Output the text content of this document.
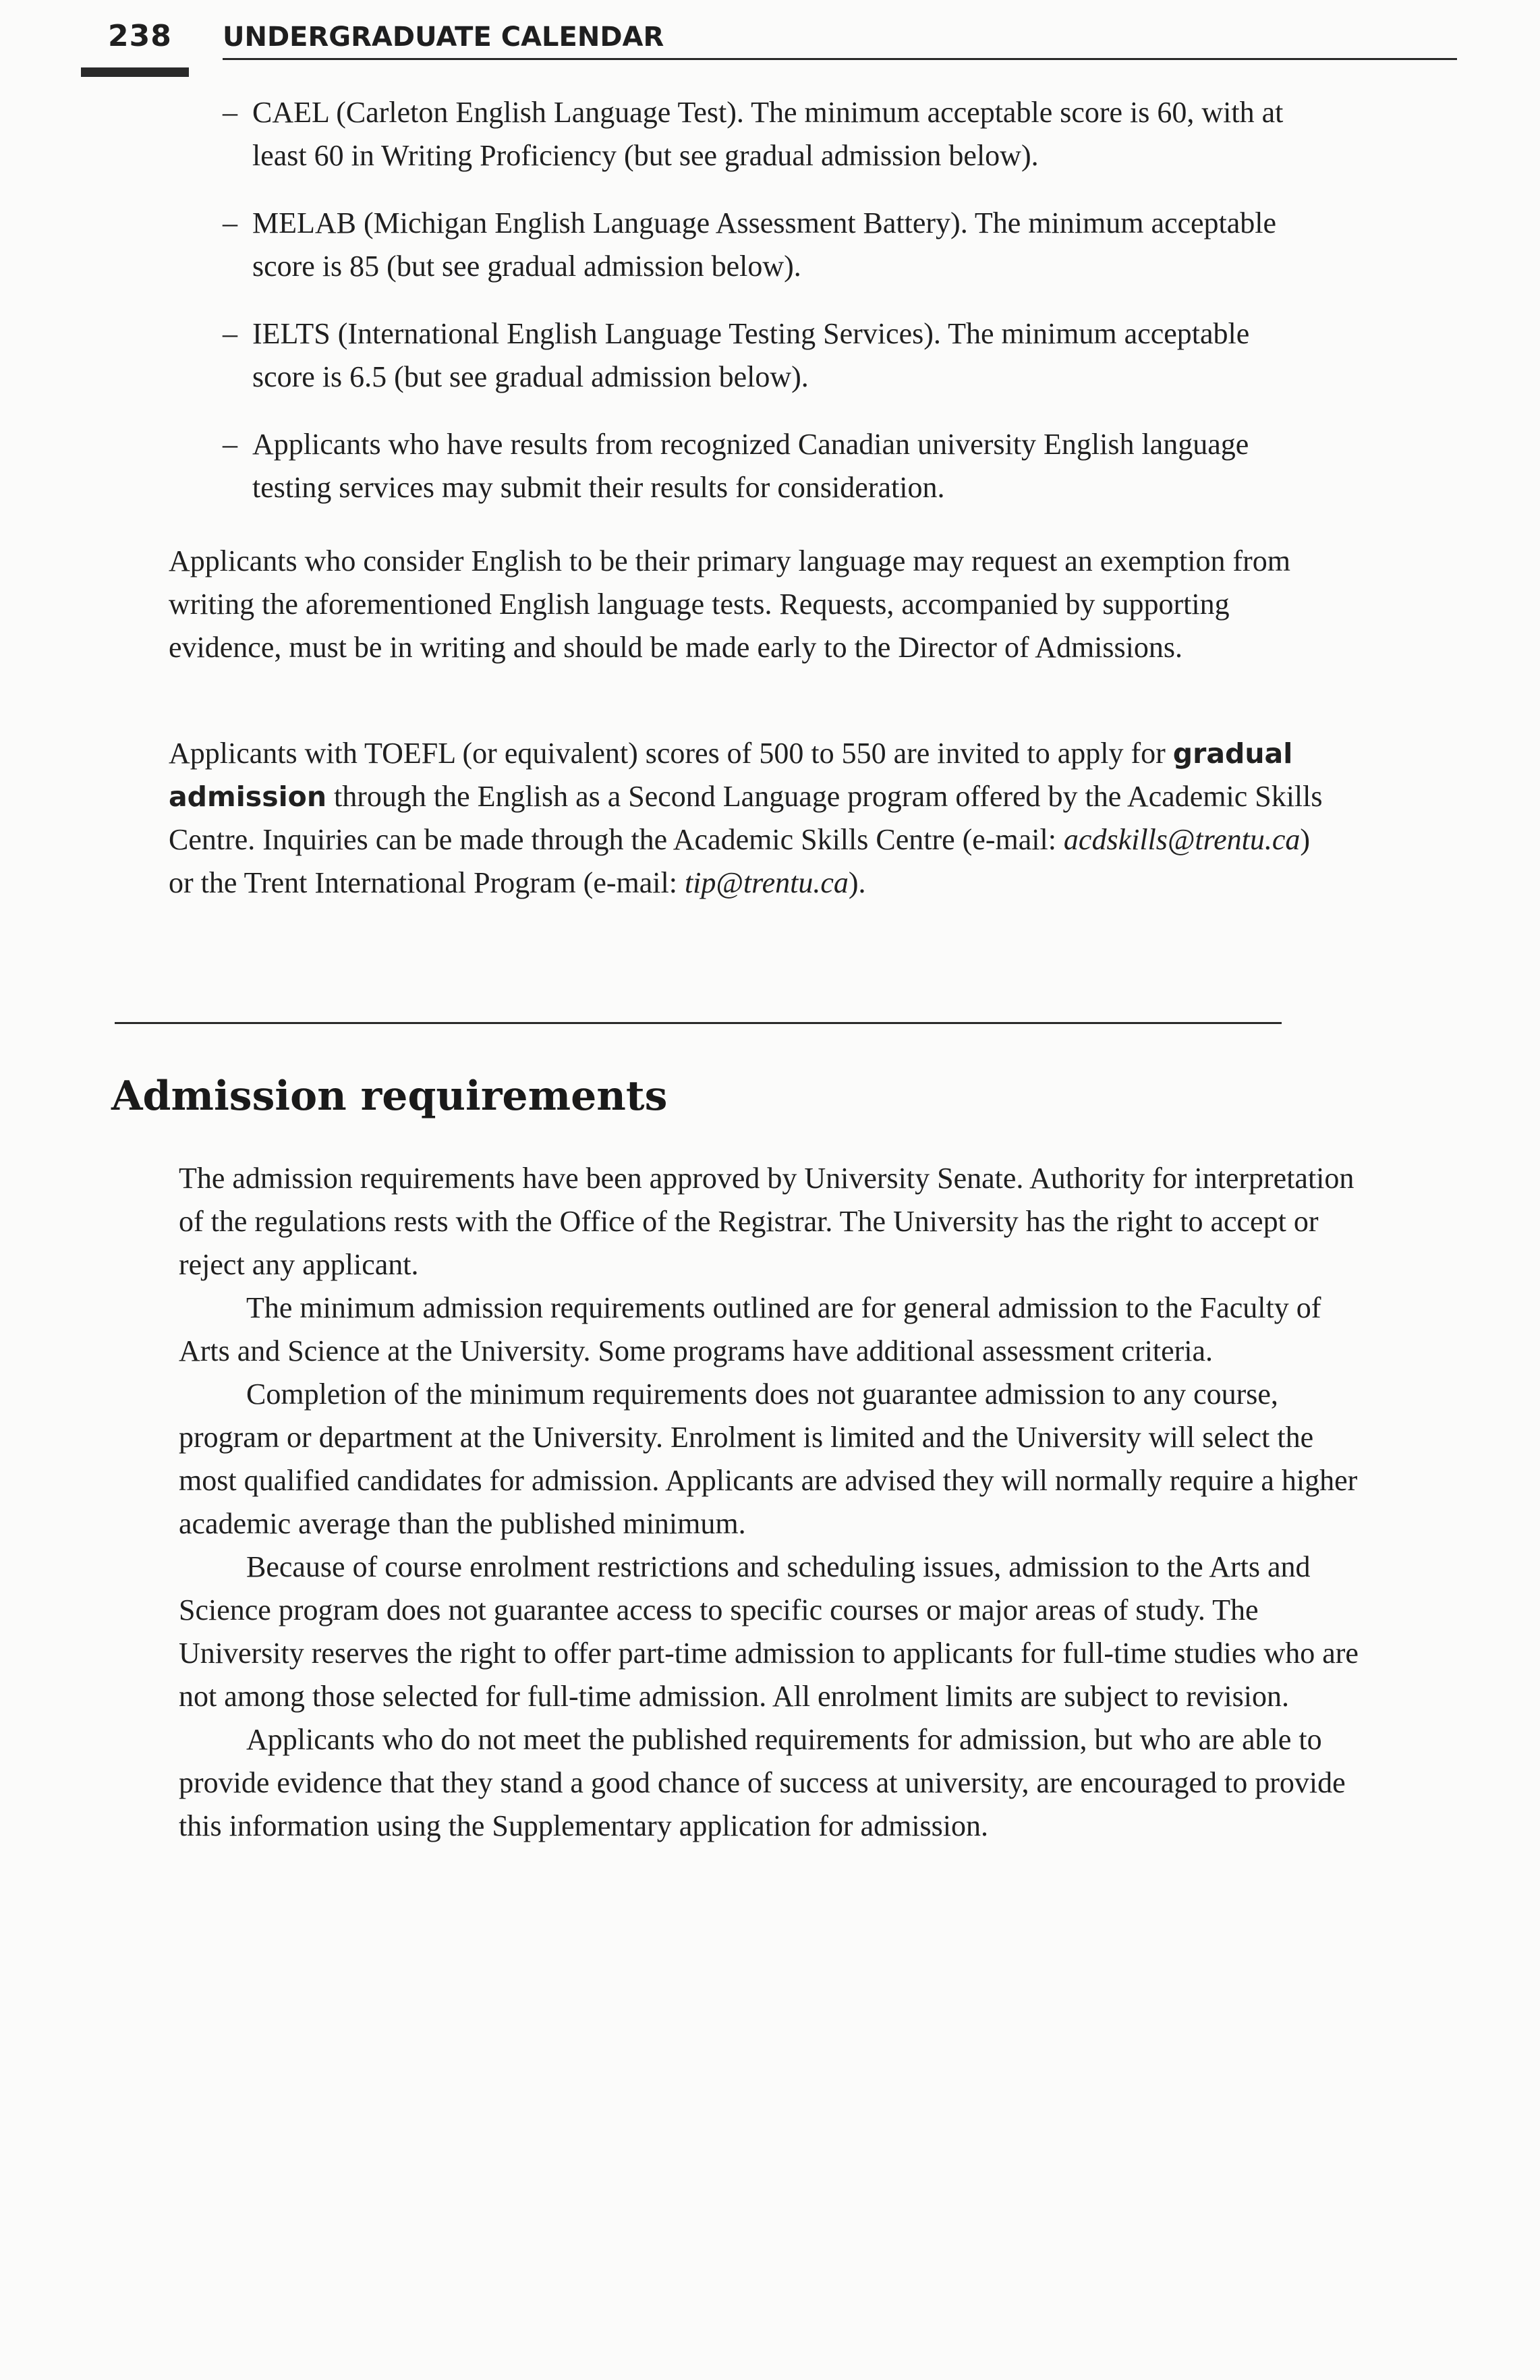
238 UNDERGRADUATE CALENDAR
– CAEL (Carleton English Language Test). The minimum acceptable score is 60, with at least 60 in Writing Proficiency (but see gradual admission below).
– MELAB (Michigan English Language Assessment Battery). The minimum acceptable score is 85 (but see gradual admission below).
– IELTS (International English Language Testing Services). The minimum acceptable score is 6.5 (but see gradual admission below).
– Applicants who have results from recognized Canadian university English language testing services may submit their results for consideration.
Applicants who consider English to be their primary language may request an exemption from writing the aforementioned English language tests. Requests, accompanied by supporting evidence, must be in writing and should be made early to the Director of Admissions.
Applicants with TOEFL (or equivalent) scores of 500 to 550 are invited to apply for gradual admission through the English as a Second Language program offered by the Academic Skills Centre. Inquiries can be made through the Academic Skills Centre (e-mail: acdskills@trentu.ca) or the Trent International Program (e-mail: tip@trentu.ca).
Admission requirements

The admission requirements have been approved by University Senate. Authority for interpretation of the regulations rests with the Office of the Registrar. The University has the right to accept or reject any applicant.

The minimum admission requirements outlined are for general admission to the Faculty of Arts and Science at the University. Some programs have additional assessment criteria.

Completion of the minimum requirements does not guarantee admission to any course, program or department at the University. Enrolment is limited and the University will select the most qualified candidates for admission. Applicants are advised they will normally require a higher academic average than the published minimum.

Because of course enrolment restrictions and scheduling issues, admission to the Arts and Science program does not guarantee access to specific courses or major areas of study. The University reserves the right to offer part-time admission to applicants for full-time studies who are not among those selected for full-time admission. All enrolment limits are subject to revision.

Applicants who do not meet the published requirements for admission, but who are able to provide evidence that they stand a good chance of success at university, are encouraged to provide this information using the Supplementary application for admission.
